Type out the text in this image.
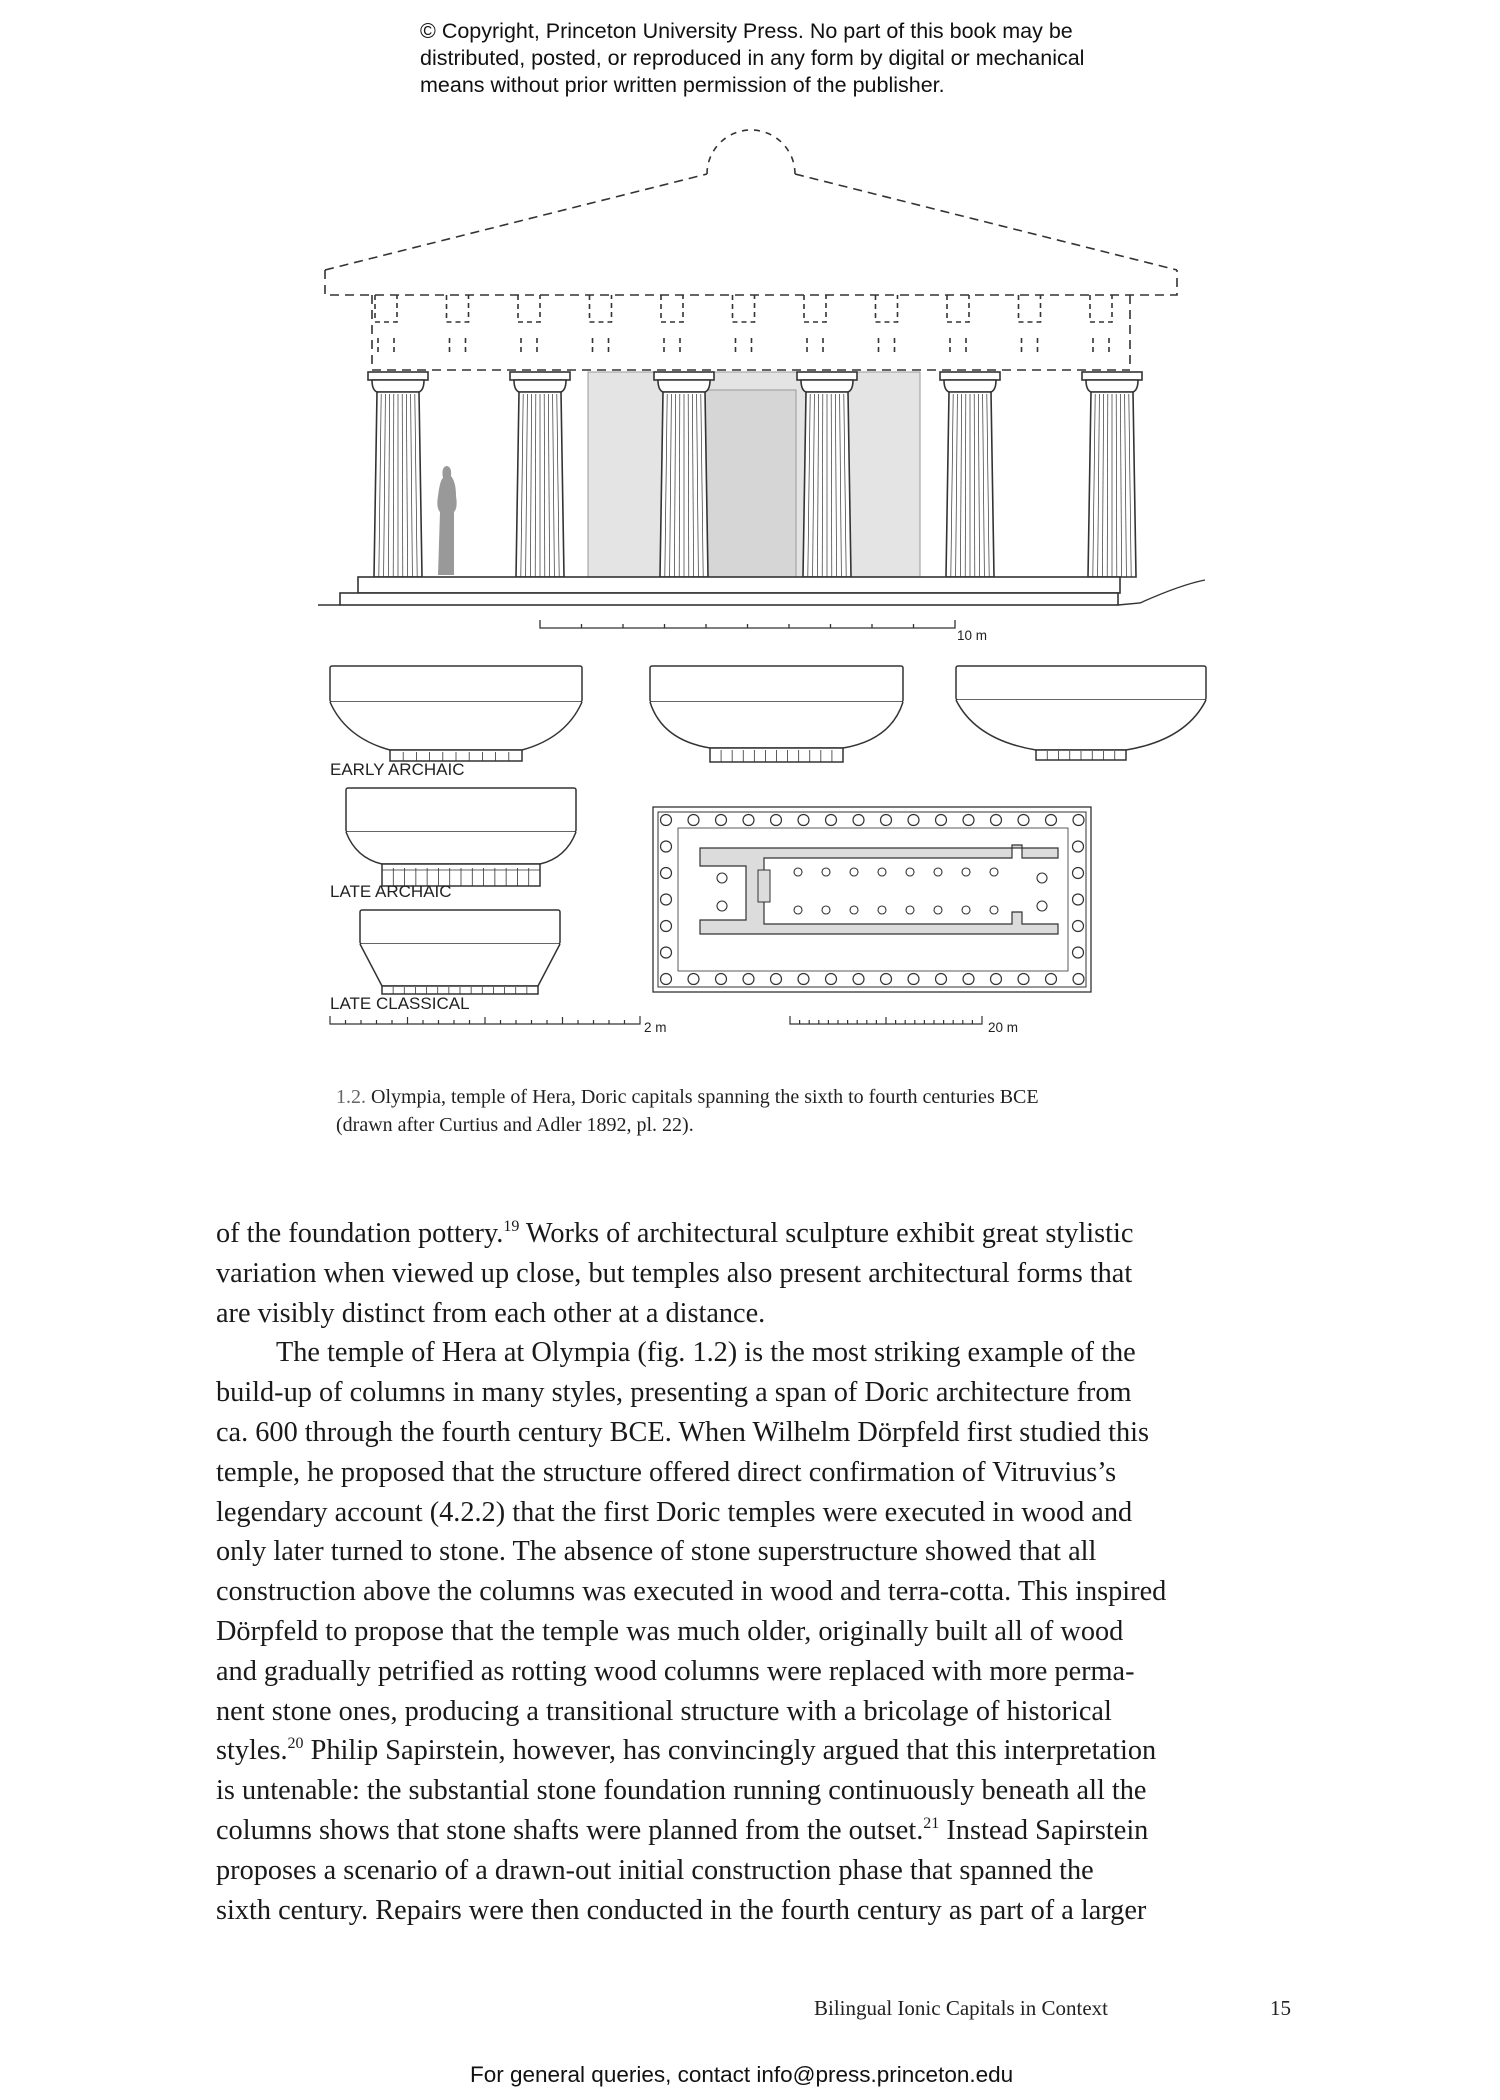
© Copyright, Princeton University Press. No part of this book may be
distributed, posted, or reproduced in any form by digital or mechanical
means without prior written permission of the publisher.
EARLY ARCHAIC
LATE ARCHAIC
LATE CLASSICAL
10 m
2 m	20 m
1.2. Olympia, temple of Hera, Doric capitals spanning the sixth to fourth centuries BCE
(drawn after Curtius and Adler 1892, pl. 22).
of the foundation pottery.$^{19}$ Works of architectural sculpture exhibit great stylistic
variation when viewed up close, but temples also present architectural forms that
are visibly distinct from each other at a distance.
The temple of Hera at Olympia (fig. 1.2) is the most striking example of the
build-up of columns in many styles, presenting a span of Doric architecture from
ca. 600 through the fourth century BCE. When Wilhelm Dörpfeld first studied this
temple, he proposed that the structure offered direct confirmation of Vitruvius’s
legendary account (4.2.2) that the first Doric temples were executed in wood and
only later turned to stone. The absence of stone superstructure showed that all
construction above the columns was executed in wood and terra-cotta. This inspired
Dörpfeld to propose that the temple was much older, originally built all of wood
and gradually petrified as rotting wood columns were replaced with more perma-
nent stone ones, producing a transitional structure with a bricolage of historical
styles.$^{20}$ Philip Sapirstein, however, has convincingly argued that this interpretation
is untenable: the substantial stone foundation running continuously beneath all the
columns shows that stone shafts were planned from the outset.$^{21}$ Instead Sapirstein
proposes a scenario of a drawn-out initial construction phase that spanned the
sixth century. Repairs were then conducted in the fourth century as part of a larger
Bilingual Ionic Capitals in Context	15
For general queries, contact info@press.princeton.edu
